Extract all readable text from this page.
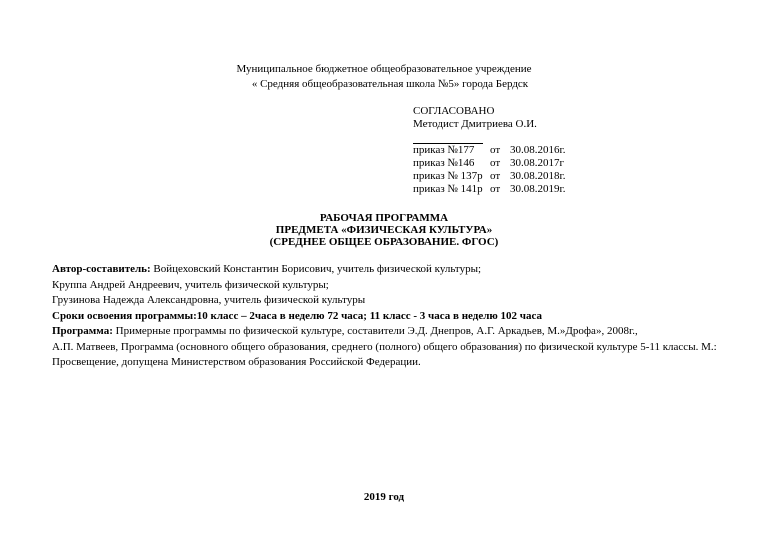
Муниципальное бюджетное общеобразовательное учреждение
« Средняя общеобразовательная школа №5» города Бердск
СОГЛАСОВАНО
Методист Дмитриева О.И.
приказ №177	от 30.08.2016г.
приказ №146	от 30.08.2017г
приказ № 137р от 30.08.2018г.
приказ № 141р от 30.08.2019г.
РАБОЧАЯ ПРОГРАММА
ПРЕДМЕТА «ФИЗИЧЕСКАЯ КУЛЬТУРА»
(СРЕДНЕЕ ОБЩЕЕ ОБРАЗОВАНИЕ. ФГОС)
Автор-составитель: Войцеховский Константин Борисович, учитель физической культуры;
Круппа Андрей Андреевич, учитель физической культуры;
Грузинова Надежда Александровна, учитель физической культуры
Сроки освоения программы:10 класс – 2часа в неделю 72 часа; 11 класс - 3 часа в неделю 102 часа
Программа: Примерные программы по физической культуре, составители Э.Д. Днепров, А.Г. Аркадьев, М.»Дрофа», 2008г.,
А.П. Матвеев, Программа (основного общего образования, среднего (полного) общего образования) по физической культуре 5-11 классы. М.:
Просвещение, допущена Министерством образования Российской Федерации.
2019 год
